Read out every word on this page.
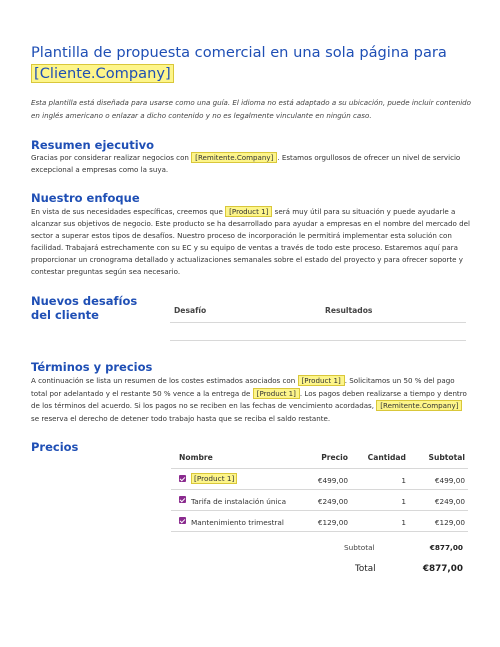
Plantilla de propuesta comercial en una sola página para
[Cliente.Company]

Esta plantilla está diseñada para usarse como una guía. El idioma no está adaptado a su ubicación, puede incluir contenido en inglés americano o enlazar a dicho contenido y no es legalmente vinculante en ningún caso.

Resumen ejecutivo

Gracias por considerar realizar negocios con [Remitente.Company] . Estamos orgullosos de ofrecer un nivel de servicio excepcional a empresas como la suya.

Nuestro enfoque

En vista de sus necesidades específicas, creemos que [Product 1] será muy útil para su situación y puede ayudarle a alcanzar sus objetivos de negocio. Este producto se ha desarrollado para ayudar a empresas en el nombre del mercado del sector a superar estos tipos de desafíos. Nuestro proceso de incorporación le permitirá implementar esta solución con facilidad. Trabajará estrechamente con su EC y su equipo de ventas a través de todo este proceso. Estaremos aquí para proporcionar un cronograma detallado y actualizaciones semanales sobre el estado del proyecto y para ofrecer soporte y contestar preguntas según sea necesario.

Nuevos desafíos del cliente	Desafío	Resultados
Términos y precios

A continuación se lista un resumen de los costes estimados asociados con [Product 1] . Solicitamos un 50 % del pago total por adelantado y el restante 50 % vence a la entrega de [Product 1] . Los pagos deben realizarse a tiempo y dentro de los términos del acuerdo. Si los pagos no se reciben en las fechas de vencimiento acordadas, [Remitente.Company] se reserva el derecho de detener todo trabajo hasta que se reciba el saldo restante.

Precios
Nombre	Precio	Cantidad	Subtotal
[Product 1]	€499,00	1	€499,00
Tarifa de instalación única	€249,00	1	€249,00
Mantenimiento trimestral	€129,00	1	€129,00
Subtotal	€877,00
Total	€877,00
